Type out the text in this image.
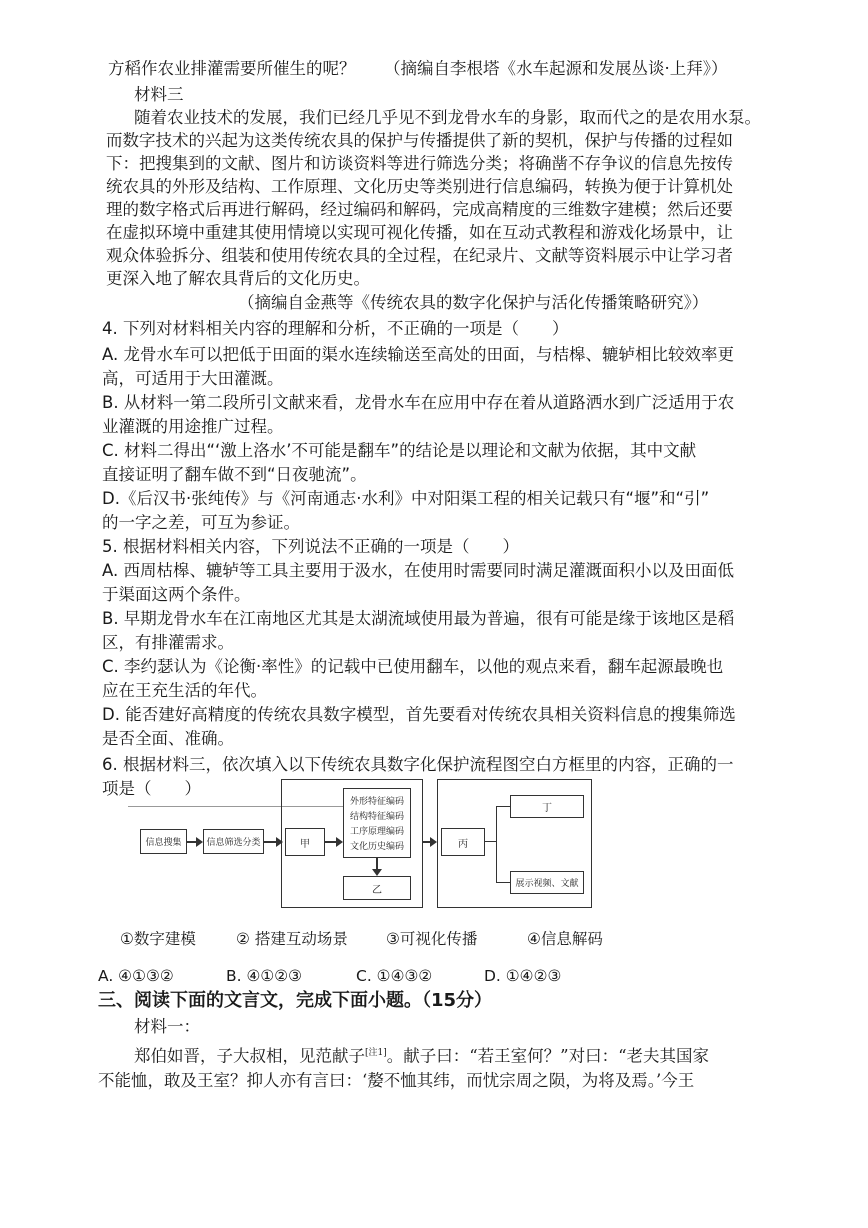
方稻作农业排灌需要所催生的呢？ （摘编自李根塔《水车起源和发展丛谈·上拜》）
材料三
随着农业技术的发展，我们已经几乎见不到龙骨水车的身影，取而代之的是农用水泵。
而数字技术的兴起为这类传统农具的保护与传播提供了新的契机，保护与传播的过程如
下：把搜集到的文献、图片和访谈资料等进行筛选分类；将确凿不存争议的信息先按传
统农具的外形及结构、工作原理、文化历史等类别进行信息编码，转换为便于计算机处
理的数字格式后再进行解码，经过编码和解码，完成高精度的三维数字建模；然后还要
在虚拟环境中重建其使用情境以实现可视化传播，如在互动式教程和游戏化场景中，让
观众体验拆分、组装和使用传统农具的全过程，在纪录片、文献等资料展示中让学习者
更深入地了解农具背后的文化历史。
（摘编自金燕等《传统农具的数字化保护与活化传播策略研究》）
4. 下列对材料相关内容的理解和分析，不正确的一项是（　　）
A. 龙骨水车可以把低于田面的渠水连续输送至高处的田面，与桔槔、辘轳相比较效率更
高，可适用于大田灌溉。
B. 从材料一第二段所引文献来看，龙骨水车在应用中存在着从道路洒水到广泛适用于农
业灌溉的用途推广过程。
C. 材料二得出“‘激上洛水’不可能是翻车”的结论是以理论和文献为依据，其中文献
直接证明了翻车做不到“日夜驰流”。
D.《后汉书·张纯传》与《河南通志·水利》中对阳渠工程的相关记载只有“堰”和“引”
的一字之差，可互为参证。
5. 根据材料相关内容，下列说法不正确的一项是（　　）
A. 西周枯槔、辘轳等工具主要用于汲水，在使用时需要同时满足灌溉面积小以及田面低
于渠面这两个条件。
B. 早期龙骨水车在江南地区尤其是太湖流域使用最为普遍，很有可能是缘于该地区是稻
区，有排灌需求。
C. 李约瑟认为《论衡·率性》的记载中已使用翻车，以他的观点来看，翻车起源最晚也
应在王充生活的年代。
D. 能否建好高精度的传统农具数字模型，首先要看对传统农具相关资料信息的搜集筛选
是否全面、准确。
6. 根据材料三，依次填入以下传统农具数字化保护流程图空白方框里的内容，正确的一
项是（　　）
信息搜集	信息筛选分类	甲
外形特征编码
结构特征编码
工序原理编码
文化历史编码
乙
丙
丁
展示视频、文献
①数字建模	② 搭建互动场景 ③可视化传播	④信息解码
A. ④①③②	B. ④①②③	C. ①④③②	D. ①④②③
三、阅读下面的文言文，完成下面小题。（15分）
材料一：
郑伯如晋，子大叔相，见范献子[注1]。献子曰：“若王室何？”对曰：“老夫其国家
不能恤，敢及王室？抑人亦有言曰：‘嫠不恤其纬，而忧宗周之陨，为将及焉。’今王
